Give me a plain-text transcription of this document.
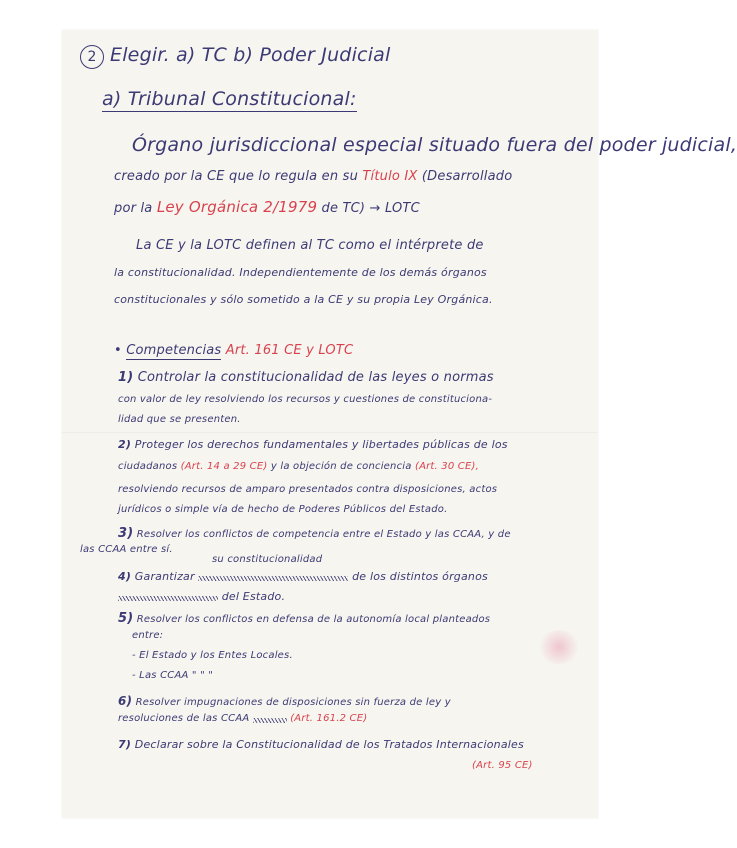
2 Elegir. a) TC b) Poder Judicial
a) Tribunal Constitucional:
Órgano jurisdiccional especial situado fuera del poder judicial,
creado por la CE que lo regula en su Título IX (Desarrollado
por la Ley Orgánica 2/1979 de TC) → LOTC
La CE y la LOTC definen al TC como el intérprete de
la constitucionalidad. Independientemente de los demás órganos
constitucionales y sólo sometido a la CE y su propia Ley Orgánica.
• Competencias Art. 161 CE y LOTC
1) Controlar la constitucionalidad de las leyes o normas
con valor de ley resolviendo los recursos y cuestiones de constituciona-
lidad que se presenten.
2) Proteger los derechos fundamentales y libertades públicas de los
ciudadanos (Art. 14 a 29 CE) y la objeción de conciencia (Art. 30 CE),
resolviendo recursos de amparo presentados contra disposiciones, actos
jurídicos o simple vía de hecho de Poderes Públicos del Estado.
3) Resolver los conflictos de competencia entre el Estado y las CCAA, y de
las CCAA entre sí.
su constitucionalidad
4) Garantizar	de los distintos órganos
del Estado.
5) Resolver los conflictos en defensa de la autonomía local planteados
entre:
- El Estado y los Entes Locales.
- Las CCAA " " "
6) Resolver impugnaciones de disposiciones sin fuerza de ley y
resoluciones de las CCAA	(Art. 161.2 CE)
7) Declarar sobre la Constitucionalidad de los Tratados Internacionales
(Art. 95 CE)
